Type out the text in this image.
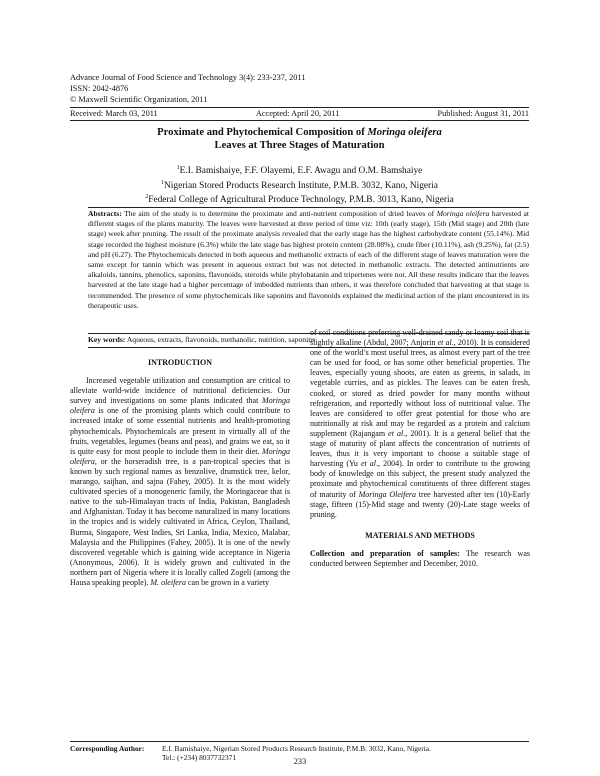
Advance Journal of Food Science and Technology 3(4): 233-237, 2011
ISSN: 2042-4876
© Maxwell Scientific Organization, 2011
Received: March 03, 2011	Accepted: April 20, 2011	Published: August 31, 2011
Proximate and Phytochemical Composition of Moringa oleifera
Leaves at Three Stages of Maturation
$^1$E.I. Bamishaiye, F.F. Olayemi, E.F. Awagu and O.M. Bamshaiye
$^1$Nigerian Stored Products Research Institute, P.M.B. 3032, Kano, Nigeria
$^2$Federal College of Agricultural Produce Technology, P.M.B. 3013, Kano, Nigeria
Abstracts: The aim of the study is to determine the proximate and anti-nutrient composition of dried leaves of Moringa oleifera harvested at different stages of the plants maturity. The leaves were harvested at three period of time viz: 10th (early stage), 15th (Mid stage) and 20th (late stage) week after pruning. The result of the proximate analysis revealed that the early stage has the highest carbohydrate content (55.14%). Mid stage recorded the highest moisture (6.3%) while the late stage has highest protein content (28.08%), crude fiber (10.11%), ash (9.25%), fat (2.5) and pH (6.27). The Phytochemicals detected in both aqueous and methanolic extracts of each of the different stage of leaves maturation were the same except for tannin which was present in aqueous extract but was not detected in methanolic extracts. The detected antinutrients are alkaloids, tannins, phenolics, saponins, flavonoids, steroids while phylobatanin and tripertenes were not. All these results indicate that the leaves harvested at the late stage had a higher percentage of imbedded nutrients than others, it was therefore concluded that harvesting at that stage is recommended. The presence of some phytochemicals like saponins and flavonoids explained the medicinal action of the plant encountered in its therapeutic uses.
Key words: Aqueous, extracts, flavonoids, methanolic, nutrition, saponins

INTRODUCTION

Increased vegetable utilization and consumption are critical to alleviate world-wide incidence of nutritional deficiencies. Our survey and investigations on some plants indicated that Moringa oleifera is one of the promising plants which could contribute to increased intake of some essential nutrients and health-promoting phytochemicals. Phytochemicals are present in virtually all of the fruits, vegetables, legumes (beans and peas), and grains we eat, so it is quite easy for most people to include them in their diet. Moringa oleifera, or the horseradish tree, is a pan-tropical species that is known by such regional names as benzolive, drumstick tree, kelor, marango, saijhan, and sajna (Fahey, 2005). It is the most widely cultivated species of a monogeneric family, the Moringaceae that is native to the sub-Himalayan tracts of India, Pakistan, Bangladesh and Afghanistan. Today it has become naturalized in many locations in the tropics and is widely cultivated in Africa, Ceylon, Thailand, Burma, Singapore, West Indies, Sri Lanka, India, Mexico, Malabar, Malaysia and the Philippines (Fahey, 2005). It is one of the newly discovered vegetable which is gaining wide acceptance in Nigeria (Anonymous, 2006). It is widely grown and cultivated in the northern part of Nigeria where it is locally called Zogeli (among the Hausa speaking people). M. oleifera can be grown in a variety

of soil conditions preferring well-drained sandy or loamy soil that is slightly alkaline (Abdul, 2007; Anjorin et al., 2010). It is considered one of the world’s most useful trees, as almost every part of the tree can be used for food, or has some other beneficial properties. The leaves, especially young shoots, are eaten as greens, in salads, in vegetable curries, and as pickles. The leaves can be eaten fresh, cooked, or stored as dried powder for many months without refrigeration, and reportedly without loss of nutritional value. The leaves are considered to offer great potential for those who are nutritionally at risk and may be regarded as a protein and calcium supplement (Rajangam et al., 2001). It is a general belief that the stage of maturity of plant affects the concentration of nutrients of leaves, thus it is very important to choose a suitable stage of harvesting (Yu et al., 2004). In order to contribute to the growing body of knowledge on this subject, the present study analyzed the proximate and phytochemical constituents of three different stages of maturity of Moringa Oleifera tree harvested after ten (10)-Early stage, fifteen (15)-Mid stage and twenty (20)-Late stage weeks of pruning.

MATERIALS AND METHODS

Collection and preparation of samples: The research was conducted between September and December, 2010.

Corresponding Author: E.I. Bamishaiye, Nigerian Stored Products Research Institute, P.M.B. 3032, Kano, Nigeria.
Tel.: (+234) 8037732371	233
